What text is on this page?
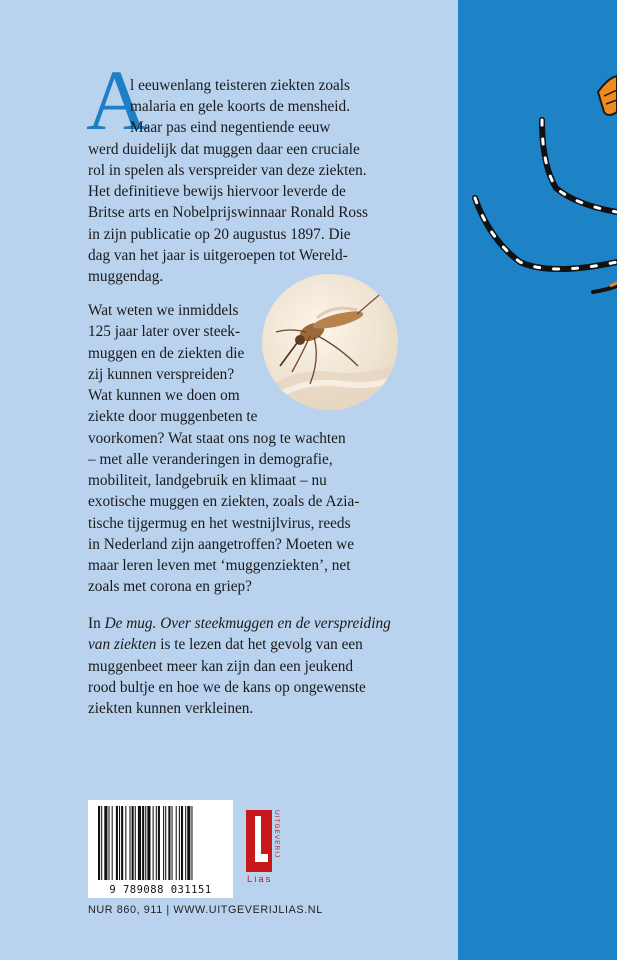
A

l eeuwenlang teisteren ziekten zoals

malaria en gele koorts de mensheid.

Maar pas eind negentiende eeuw

werd duidelijk dat muggen daar een cruciale

rol in spelen als verspreider van deze ziekten.

Het definitieve bewijs hiervoor leverde de

Britse arts en Nobelprijswinnaar Ronald Ross

in zijn publicatie op 20 augustus 1897. Die

dag van het jaar is uitgeroepen tot Wereld-

muggendag.

Wat weten we inmiddels

125 jaar later over steek-

muggen en de ziekten die

zij kunnen verspreiden?

Wat kunnen we doen om

ziekte door muggenbeten te

voorkomen? Wat staat ons nog te wachten

– met alle veranderingen in demografie,

mobiliteit, landgebruik en klimaat – nu

exotische muggen en ziekten, zoals de Azia-

tische tijgermug en het westnijlvirus, reeds

in Nederland zijn aangetroffen? Moeten we

maar leren leven met ‘muggenziekten’, net

zoals met corona en griep?

In De mug. Over steekmuggen en de verspreiding

van ziekten is te lezen dat het gevolg van een

muggenbeet meer kan zijn dan een jeukend

rood bultje en hoe we de kans op ongewenste

ziekten kunnen verkleinen.

9 789088 031151
UITGEVERIJ
Lias
NUR 860, 911 | WWW.UITGEVERIJLIAS.NL
